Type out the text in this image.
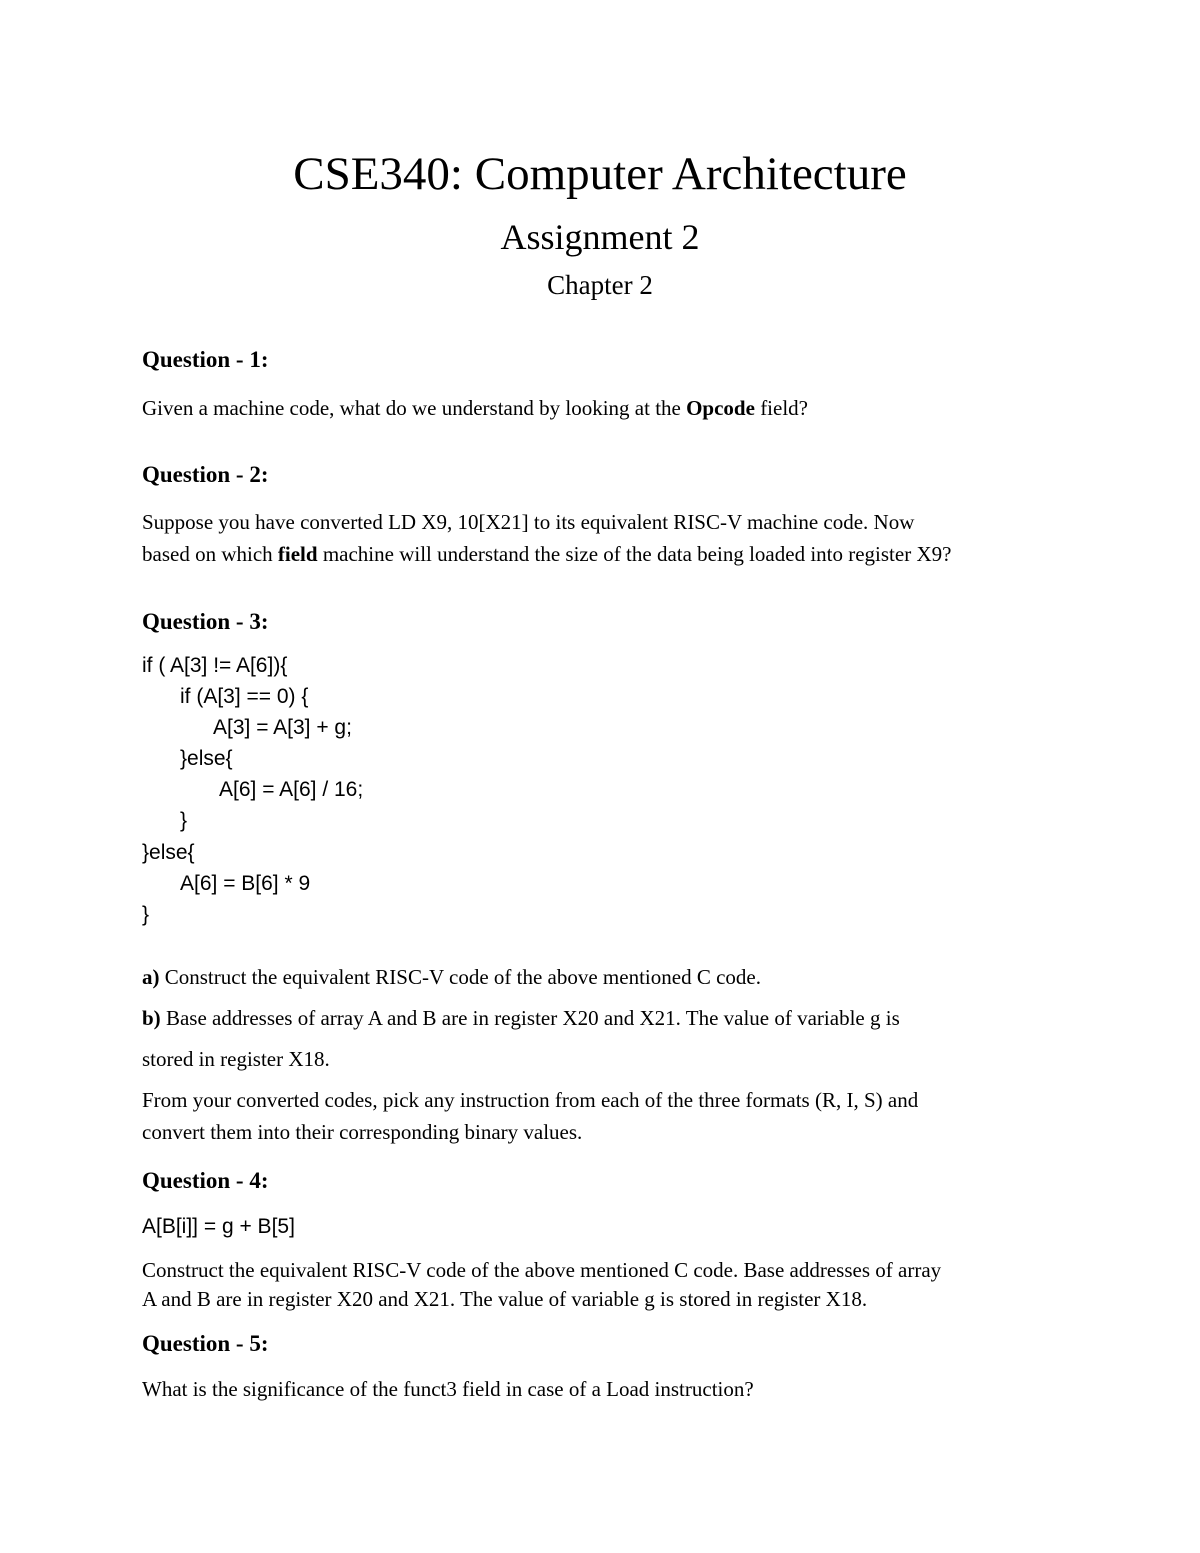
CSE340: Computer Architecture
Assignment 2
Chapter 2
Question - 1:
Given a machine code, what do we understand by looking at the Opcode field?
Question - 2:
Suppose you have converted LD X9, 10[X21] to its equivalent RISC-V machine code. Now
based on which field machine will understand the size of the data being loaded into register X9?
Question - 3:
if ( A[3] != A[6]){
if (A[3] == 0) {
A[3] = A[3] + g;
}else{
A[6] = A[6] / 16;
}
}else{
A[6] = B[6] * 9
}
a) Construct the equivalent RISC-V code of the above mentioned C code.
b) Base addresses of array A and B are in register X20 and X21. The value of variable g is
stored in register X18.
From your converted codes, pick any instruction from each of the three formats (R, I, S) and
convert them into their corresponding binary values.
Question - 4:
A[B[i]] = g + B[5]
Construct the equivalent RISC-V code of the above mentioned C code. Base addresses of array
A and B are in register X20 and X21. The value of variable g is stored in register X18.
Question - 5:
What is the significance of the funct3 field in case of a Load instruction?
